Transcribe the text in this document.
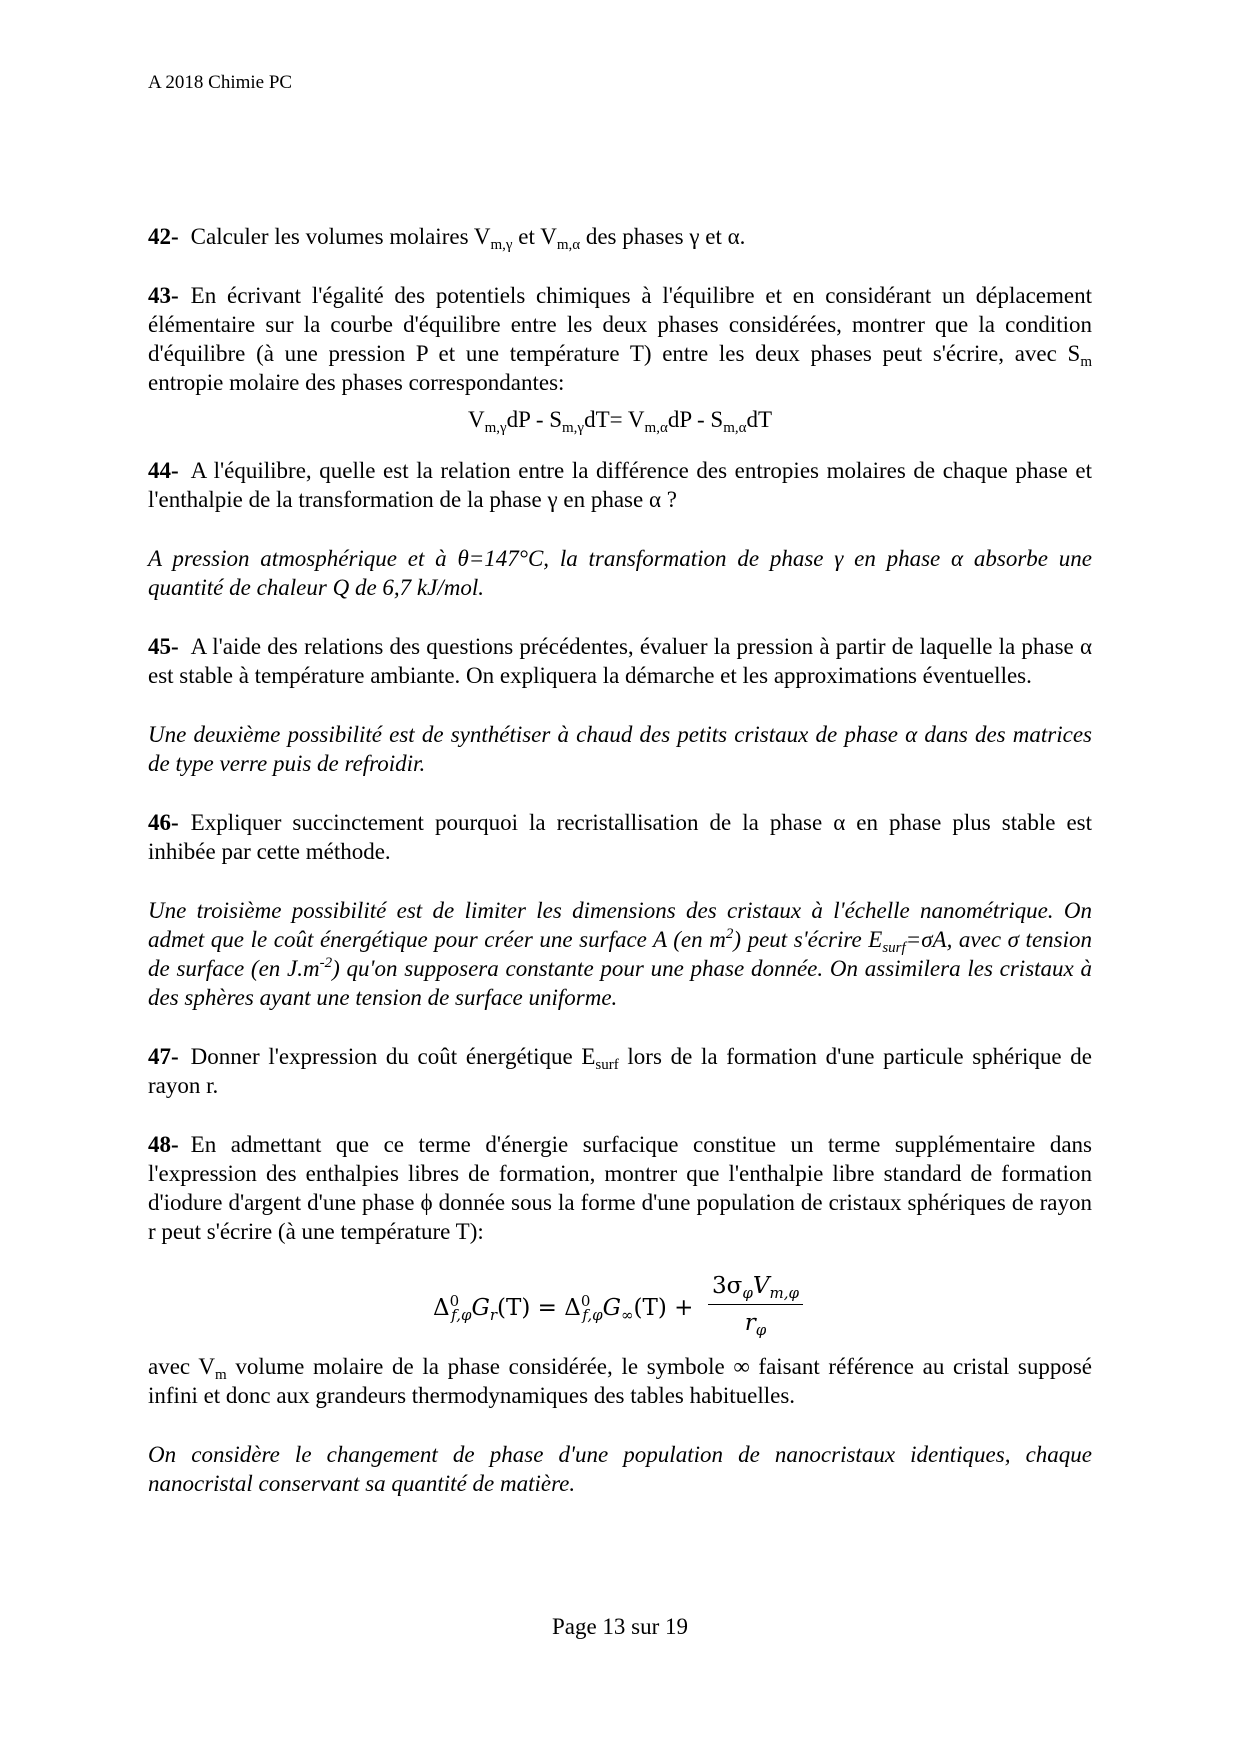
A 2018 Chimie PC

42- Calculer les volumes molaires $V_{m,\gamma}$ et $V_{m,\alpha}$ des phases γ et α.

43- En écrivant l'égalité des potentiels chimiques à l'équilibre et en considérant un déplacement élémentaire sur la courbe d'équilibre entre les deux phases considérées, montrer que la condition d'équilibre (à une pression P et une température T) entre les deux phases peut s'écrire, avec $S_m$ entropie molaire des phases correspondantes:

$V_{m,\gamma}dP - S_{m,\gamma}dT= V_{m,\alpha}dP - S_{m,\alpha}dT$

44- A l'équilibre, quelle est la relation entre la différence des entropies molaires de chaque phase et l'enthalpie de la transformation de la phase γ en phase α ?

A pression atmosphérique et à θ=147°C, la transformation de phase γ en phase α absorbe une quantité de chaleur Q de 6,7 kJ/mol.

45- A l'aide des relations des questions précédentes, évaluer la pression à partir de laquelle la phase α est stable à température ambiante. On expliquera la démarche et les approximations éventuelles.

Une deuxième possibilité est de synthétiser à chaud des petits cristaux de phase α dans des matrices de type verre puis de refroidir.

46- Expliquer succinctement pourquoi la recristallisation de la phase α en phase plus stable est inhibée par cette méthode.

Une troisième possibilité est de limiter les dimensions des cristaux à l'échelle nanométrique. On admet que le coût énergétique pour créer une surface A (en $m^2$) peut s'écrire $E_{surf}=\sigma A$, avec σ tension de surface (en $J.m^{-2}$) qu'on supposera constante pour une phase donnée. On assimilera les cristaux à des sphères ayant une tension de surface uniforme.

47- Donner l'expression du coût énergétique $E_{surf}$ lors de la formation d'une particule sphérique de rayon r.

48- En admettant que ce terme d'énergie surfacique constitue un terme supplémentaire dans l'expression des enthalpies libres de formation, montrer que l'enthalpie libre standard de formation d'iodure d'argent d'une phase ϕ donnée sous la forme d'une population de cristaux sphériques de rayon r peut s'écrire (à une température T):

$\Delta^0_{f,\varphi}G_r(T) = \Delta^0_{f,\varphi}G_\infty(T)$ +
$3\sigma_\varphi V_{m,\varphi}$
$r_\varphi$

avec $V_m$ volume molaire de la phase considérée, le symbole ∞ faisant référence au cristal supposé infini et donc aux grandeurs thermodynamiques des tables habituelles.

On considère le changement de phase d'une population de nanocristaux identiques, chaque nanocristal conservant sa quantité de matière.

Page 13 sur 19
